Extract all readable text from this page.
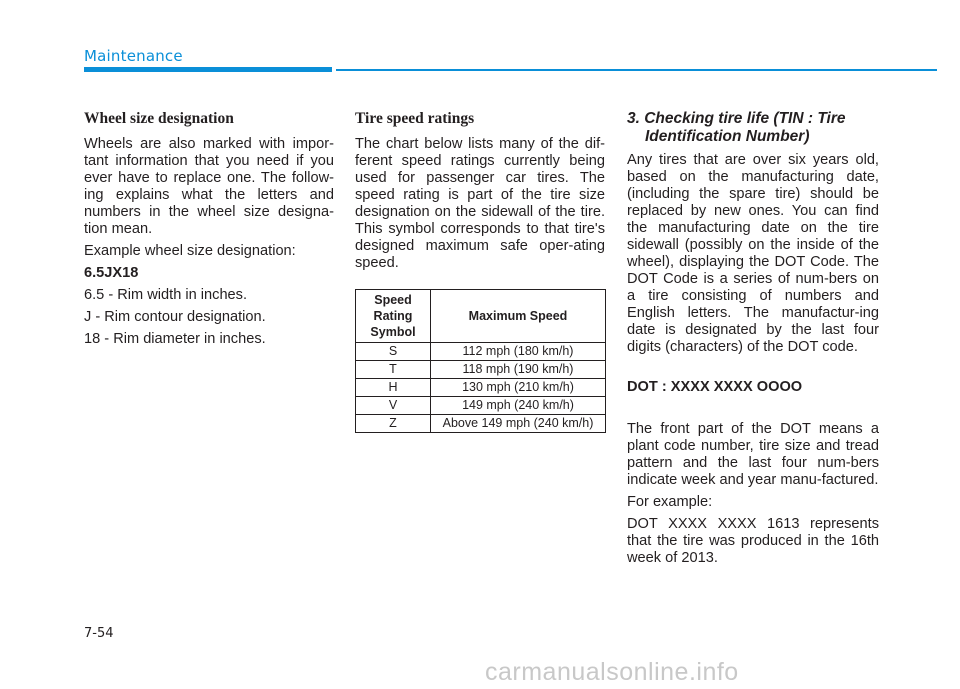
Maintenance
Wheel size designation
Wheels are also marked with impor-tant information that you need if you ever have to replace one. The follow-ing explains what the letters and numbers in the wheel size designa-tion mean.
Example wheel size designation:
6.5JX18
6.5 - Rim width in inches.
J - Rim contour designation.
18 - Rim diameter in inches.
Tire speed ratings
The chart below lists many of the dif-ferent speed ratings currently being used for passenger car tires. The speed rating is part of the tire size designation on the sidewall of the tire. This symbol corresponds to that tire's designed maximum safe oper-ating speed.
Speed Rating Symbol	Maximum Speed
S	112 mph (180 km/h)
T	118 mph (190 km/h)
H	130 mph (210 km/h)
V	149 mph (240 km/h)
Z	Above 149 mph (240 km/h)
3. Checking tire life (TIN : Tire Identification Number)
Any tires that are over six years old, based on the manufacturing date, (including the spare tire) should be replaced by new ones. You can find the manufacturing date on the tire sidewall (possibly on the inside of the wheel), displaying the DOT Code. The DOT Code is a series of num-bers on a tire consisting of numbers and English letters. The manufactur-ing date is designated by the last four digits (characters) of the DOT code.
DOT : XXXX XXXX OOOO
The front part of the DOT means a plant code number, tire size and tread pattern and the last four num-bers indicate week and year manu-factured.
For example:
DOT XXXX XXXX 1613 represents that the tire was produced in the 16th week of 2013.
7-54
carmanualsonline.info
